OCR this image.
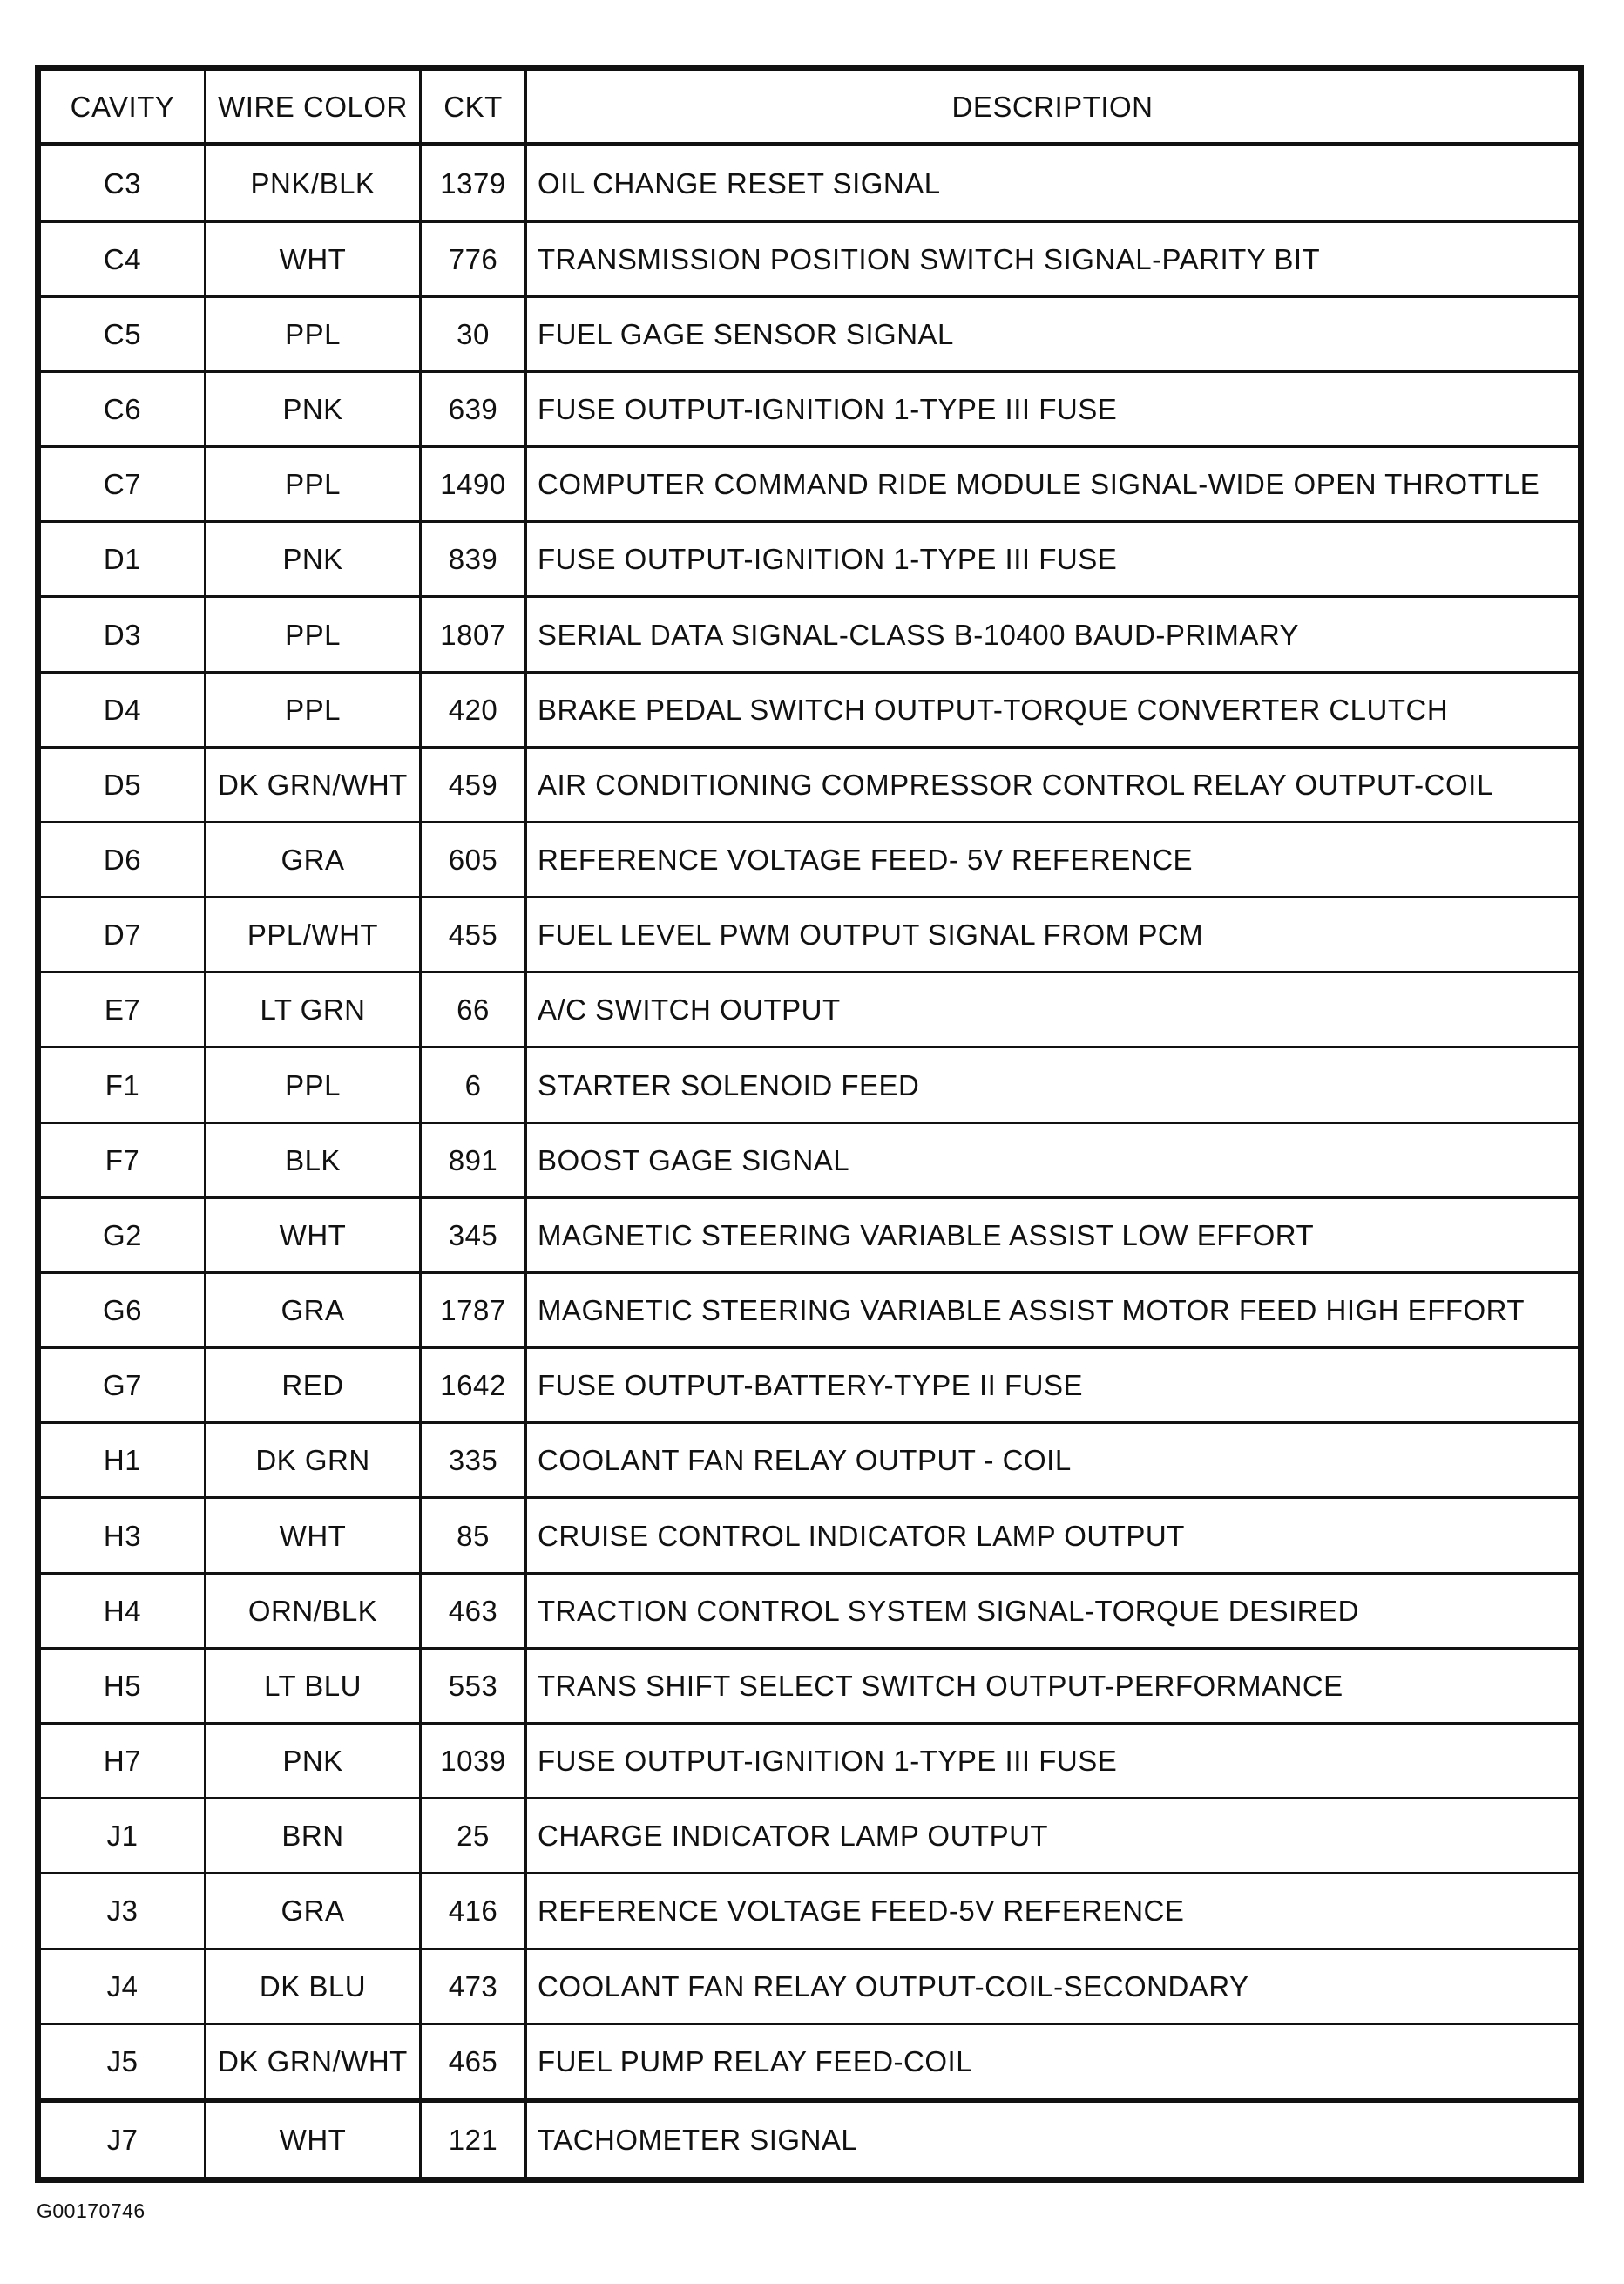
CAVITY	WIRE COLOR	CKT	DESCRIPTION
C3	PNK/BLK	1379	OIL CHANGE RESET SIGNAL
C4	WHT	776	TRANSMISSION POSITION SWITCH SIGNAL-PARITY BIT
C5	PPL	30	FUEL GAGE SENSOR SIGNAL
C6	PNK	639	FUSE OUTPUT-IGNITION 1-TYPE III FUSE
C7	PPL	1490	COMPUTER COMMAND RIDE MODULE SIGNAL-WIDE OPEN THROTTLE
D1	PNK	839	FUSE OUTPUT-IGNITION 1-TYPE III FUSE
D3	PPL	1807	SERIAL DATA SIGNAL-CLASS B-10400 BAUD-PRIMARY
D4	PPL	420	BRAKE PEDAL SWITCH OUTPUT-TORQUE CONVERTER CLUTCH
D5	DK GRN/WHT	459	AIR CONDITIONING COMPRESSOR CONTROL RELAY OUTPUT-COIL
D6	GRA	605	REFERENCE VOLTAGE FEED- 5V REFERENCE
D7	PPL/WHT	455	FUEL LEVEL PWM OUTPUT SIGNAL FROM PCM
E7	LT GRN	66	A/C SWITCH OUTPUT
F1	PPL	6	STARTER SOLENOID FEED
F7	BLK	891	BOOST GAGE SIGNAL
G2	WHT	345	MAGNETIC STEERING VARIABLE ASSIST LOW EFFORT
G6	GRA	1787	MAGNETIC STEERING VARIABLE ASSIST MOTOR FEED HIGH EFFORT
G7	RED	1642	FUSE OUTPUT-BATTERY-TYPE II FUSE
H1	DK GRN	335	COOLANT FAN RELAY OUTPUT - COIL
H3	WHT	85	CRUISE CONTROL INDICATOR LAMP OUTPUT
H4	ORN/BLK	463	TRACTION CONTROL SYSTEM SIGNAL-TORQUE DESIRED
H5	LT BLU	553	TRANS SHIFT SELECT SWITCH OUTPUT-PERFORMANCE
H7	PNK	1039	FUSE OUTPUT-IGNITION 1-TYPE III FUSE
J1	BRN	25	CHARGE INDICATOR LAMP OUTPUT
J3	GRA	416	REFERENCE VOLTAGE FEED-5V REFERENCE
J4	DK BLU	473	COOLANT FAN RELAY OUTPUT-COIL-SECONDARY
J5	DK GRN/WHT	465	FUEL PUMP RELAY FEED-COIL
J7	WHT	121	TACHOMETER SIGNAL
G00170746
